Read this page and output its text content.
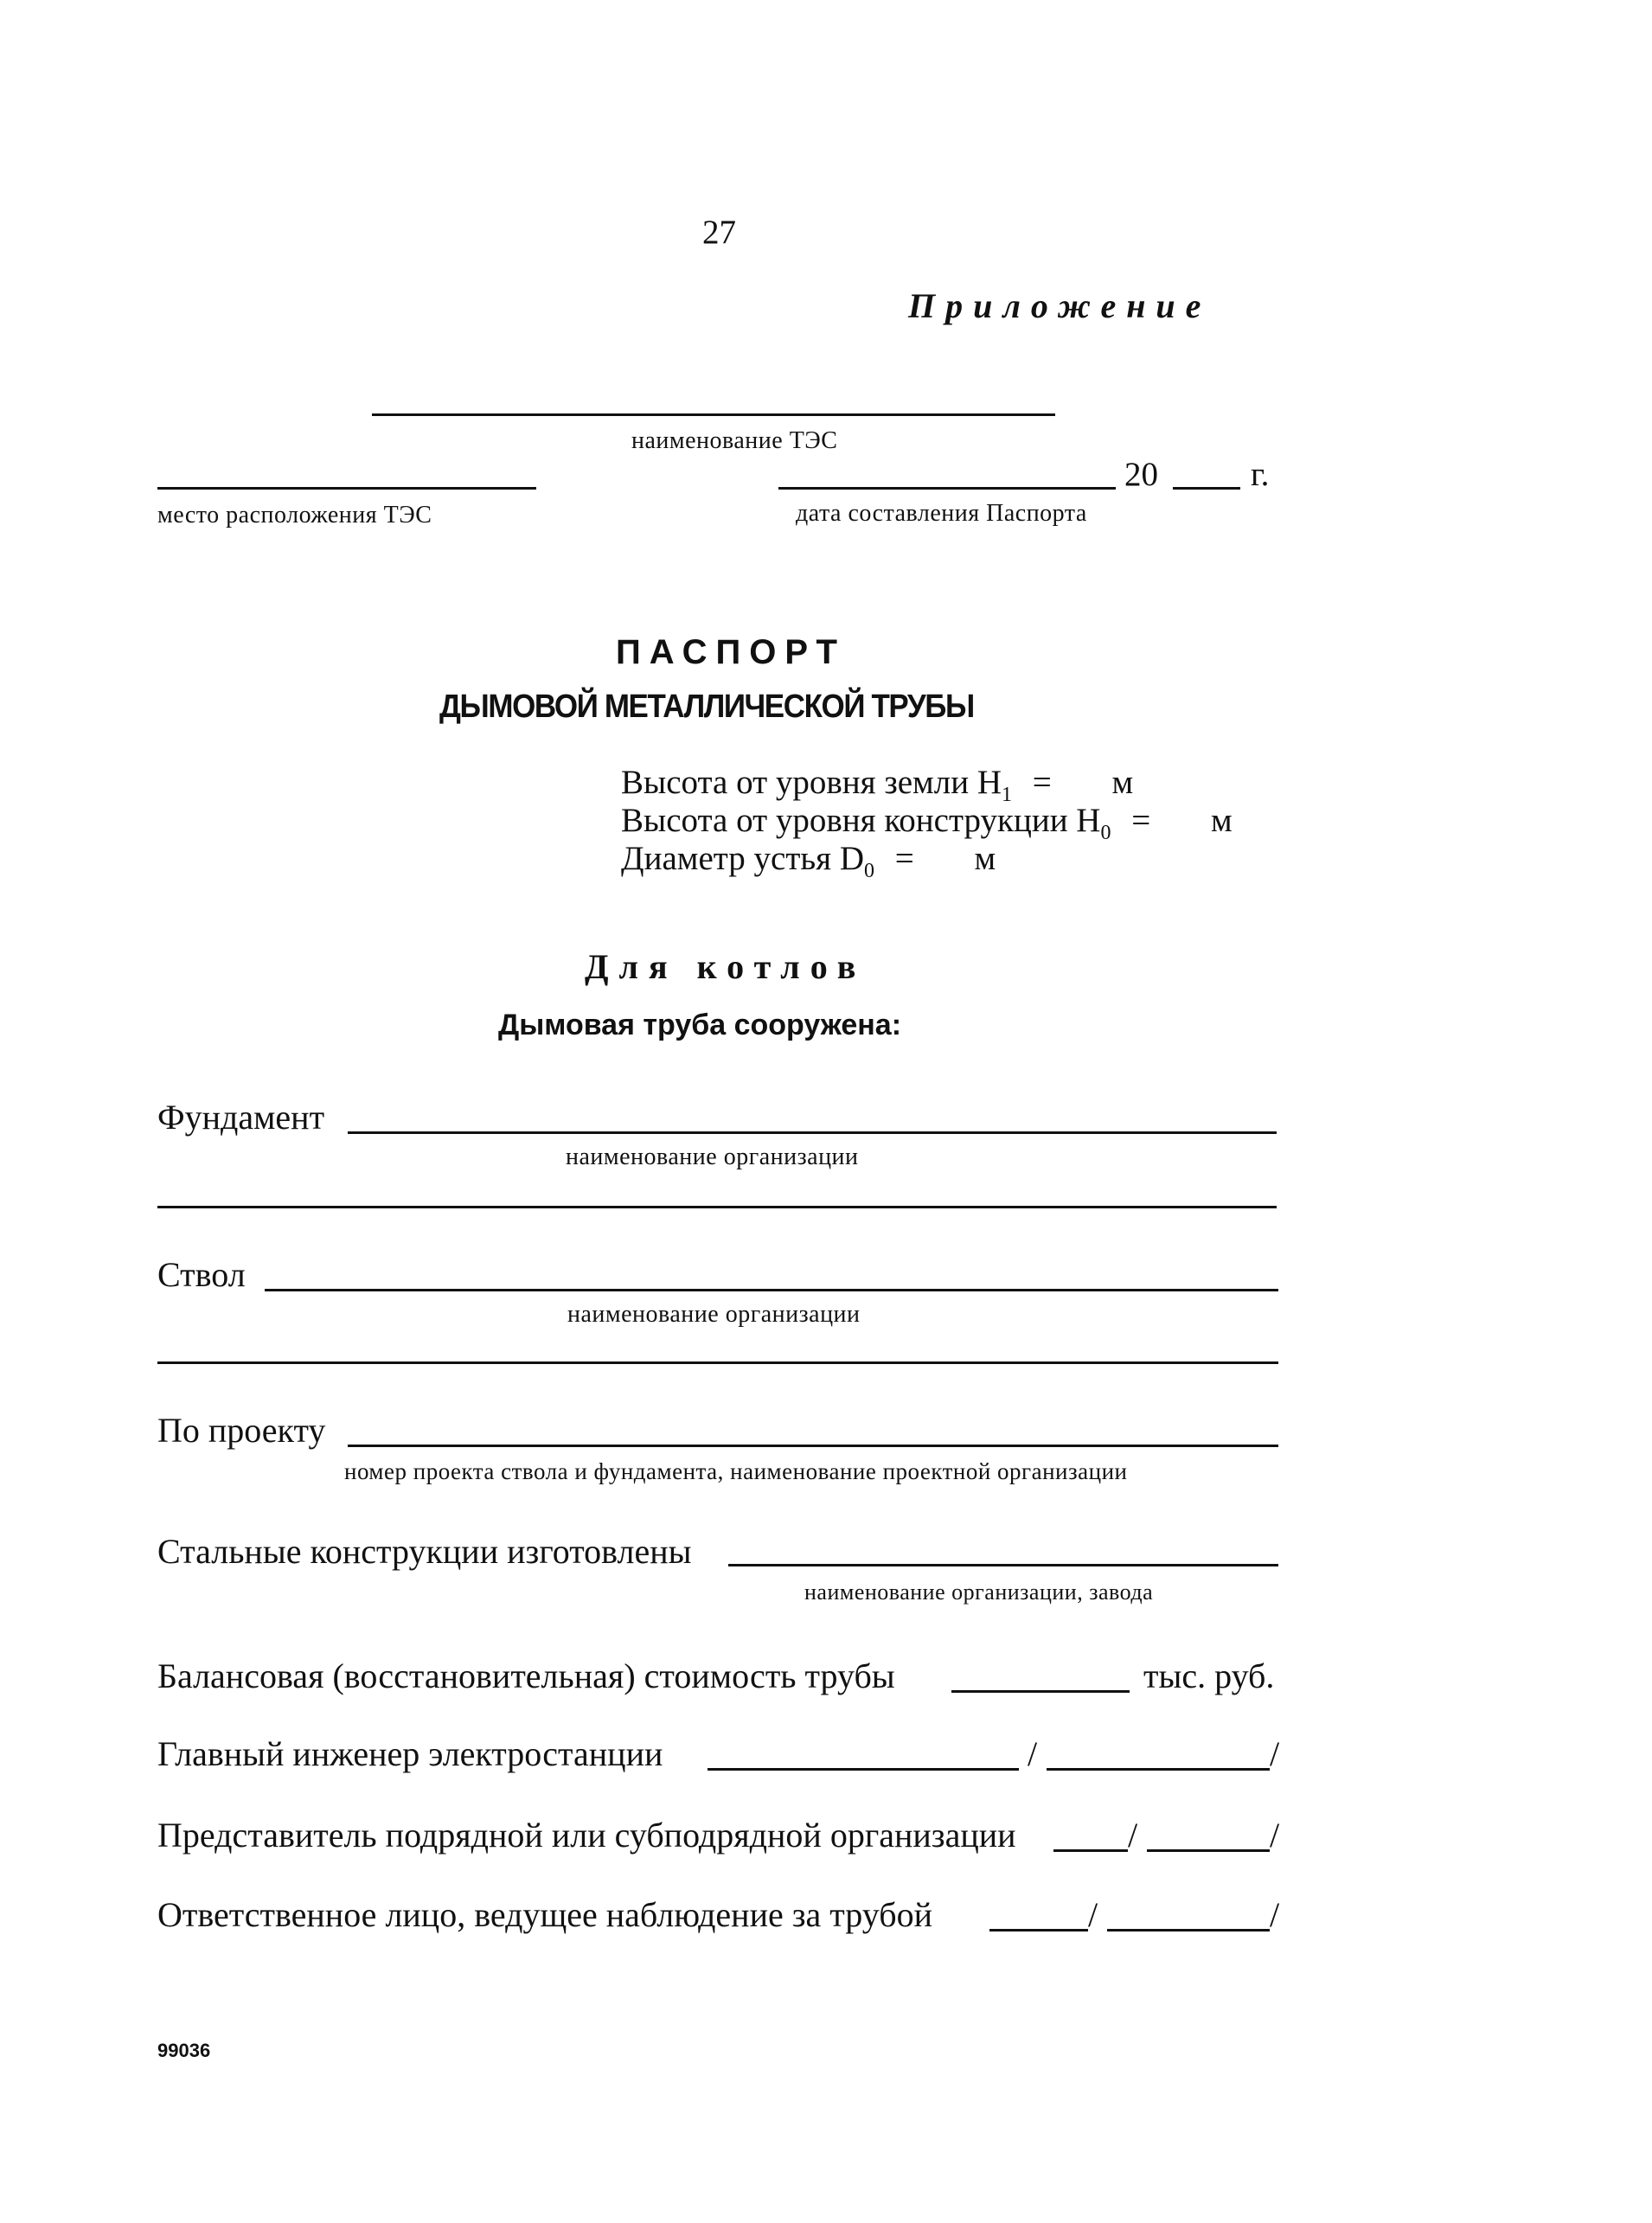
27
Приложение
наименование ТЭС
место расположения ТЭС
20	г.
дата составления Паспорта
ПАСПОРТ
ДЫМОВОЙ МЕТАЛЛИЧЕСКОЙ ТРУБЫ
Высота от уровня земли $H_1 = м$
Высота от уровня конструкции $H_0 = м$
Диаметр устья $D_0 = м$
Для котлов
Дымовая труба сооружена:
Фундамент
наименование организации
Ствол
наименование организации
По проекту
номер проекта ствола и фундамента, наименование проектной организации
Стальные конструкции изготовлены
наименование организации, завода
Балансовая (восстановительная) стоимость трубы	тыс. руб.
Главный инженер электростанции	/	/
Представитель подрядной или субподрядной организации	/	/
Ответственное лицо, ведущее наблюдение за трубой	/	/
99036
